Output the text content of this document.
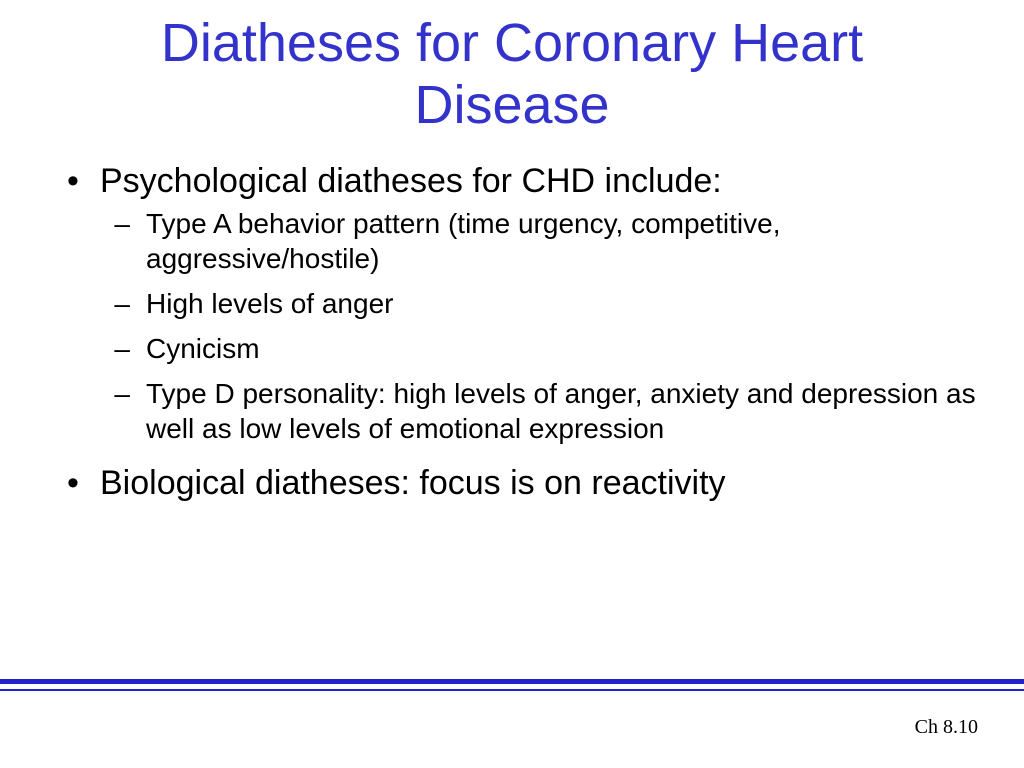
Diatheses for Coronary Heart
Disease
• Psychological diatheses for CHD include:
– Type A behavior pattern (time urgency, competitive, aggressive/hostile)
– High levels of anger
– Cynicism
– Type D personality: high levels of anger, anxiety and depression as well as low levels of emotional expression
• Biological diatheses: focus is on reactivity
Ch 8.10
